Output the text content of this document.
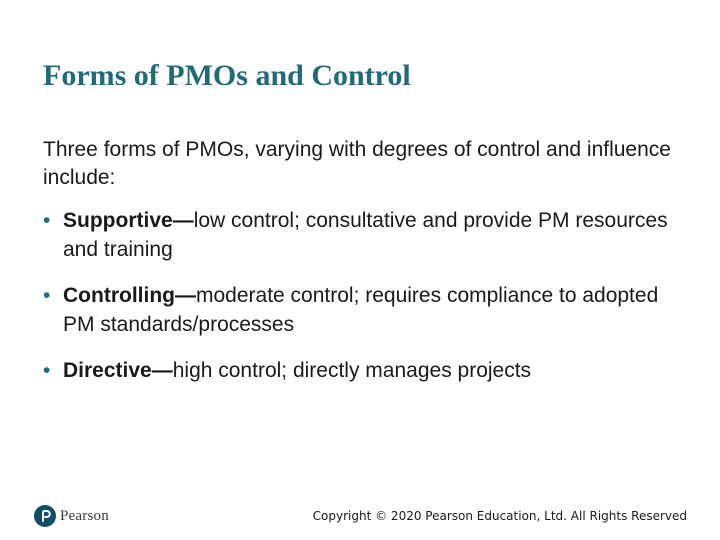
Forms of PMOs and Control
Three forms of PMOs, varying with degrees of control and influence include:
• Supportive—low control; consultative and provide PM resources and training
• Controlling—moderate control; requires compliance to adopted PM standards/processes
• Directive—high control; directly manages projects
Pearson	Copyright © 2020 Pearson Education, Ltd. All Rights Reserved
